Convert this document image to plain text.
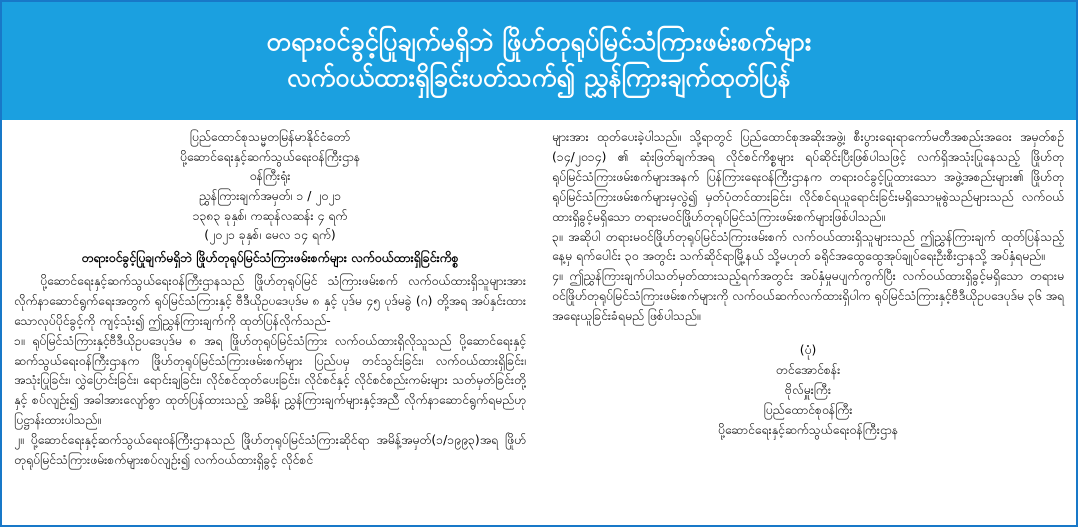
တရားဝင်ခွင့်ပြုချက်မရှိဘဲ ဖြိုဟ်တုရုပ်မြင်သံကြားဖမ်းစက်များ
လက်ဝယ်ထားရှိခြင်းပတ်သက်၍ ညွှန်ကြားချက်ထုတ်ပြန်

ပြည်ထောင်စုသမ္မတမြန်မာနိုင်ငံတော်

ပို့ဆောင်ရေးနှင့်ဆက်သွယ်ရေးဝန်ကြီးဌာန

ဝန်ကြီးရုံး

ညွှန်ကြားချက်အမှတ်၊ ၁ / ၂၀၂၁

၁၃၈၃ ခုနှစ်၊ ကဆုန်လဆန်း ၄ ရက်

(၂၀၂၁ ခုနှစ်၊ မေလ ၁၄ ရက်)

တရားဝင်ခွင့်ပြုချက်မရှိဘဲ ဖြိုဟ်တုရုပ်မြင်သံကြားဖမ်းစက်များ လက်ဝယ်ထားရှိခြင်းကိစ္စ

ပို့ဆောင်ရေးနှင့်ဆက်သွယ်ရေးဝန်ကြီးဌာနသည် ဖြိုဟ်တုရုပ်မြင် သံကြားဖမ်းစက် လက်ဝယ်ထားရှိသူများအား လိုက်နာဆောင်ရွက်ရေးအတွက် ရုပ်မြင်သံကြားနှင့် ဗီဒီယိုဥပဒေပုဒ်မ ၈ နှင့် ပုဒ်မ ၄၅ ပုဒ်မခွဲ (ဂ) တို့အရ အပ်နှင်းထားသောလုပ်ပိုင်ခွင့်ကို ကျင့်သုံး၍ ဤညွှန်ကြားချက်ကို ထုတ်ပြန်လိုက်သည်-

၁။ ရုပ်မြင်သံကြားနှင့်ဗီဒီယိုဥပဒေပုဒ်မ ၈ အရ ဖြိုဟ်တုရုပ်မြင်သံကြား လက်ဝယ်ထားရှိလိုသူသည် ပို့ဆောင်ရေးနှင့် ဆက်သွယ်ရေးဝန်ကြီးဌာနက ဖြိုဟ်တုရုပ်မြင်သံကြားဖမ်းစက်များ ပြည်ပမှ တင်သွင်းခြင်း၊ လက်ဝယ်ထားရှိခြင်း၊ အသုံးပြုခြင်း၊ လွှဲပြောင်းခြင်း၊ ရောင်းချခြင်း၊ လိုင်စင်ထုတ်ပေးခြင်း၊ လိုင်စင်နှင့် လိုင်စင်စည်းကမ်းများ သတ်မှတ်ခြင်းတို့နှင့် စပ်လျဉ်း၍ အခါအားလျော်စွာ ထုတ်ပြန်ထားသည့် အမိန့်၊ ညွှန်ကြားချက်များနှင့်အညီ လိုက်နာဆောင်ရွက်ရမည်ဟု ပြဋ္ဌာန်းထားပါသည်။

၂။ ပို့ဆောင်ရေးနှင့်ဆက်သွယ်ရေးဝန်ကြီးဌာနသည် ဖြိုဟ်တုရုပ်မြင်သံကြားဆိုင်ရာ အမိန့်အမှတ်(၁/၁၉၉၃)အရ ဖြိုဟ်တုရုပ်မြင်သံကြားဖမ်းစက်များစပ်လျဉ်း၍ လက်ဝယ်ထားရှိခွင့် လိုင်စင်

များအား ထုတ်ပေးခဲ့ပါသည်။ သို့ရာတွင် ပြည်ထောင်စုအဆိုးအဖွဲ့၊ စီးပွားရေးရာကော်မတီအစည်းအဝေး အမှတ်စဉ် (၁၄/၂၀၁၄) ၏ ဆုံးဖြတ်ချက်အရ လိုင်စင်ကိစ္စများ ရပ်ဆိုင်းပြီးဖြစ်ပါသဖြင့် လက်ရှိအသုံးပြုနေသည့် ဖြိုဟ်တုရုပ်မြင်သံကြားဖမ်းစက်များအနက် ပြန်ကြားရေးဝန်ကြီးဌာနက တရားဝင်ခွင့်ပြုထားသော အဖွဲ့အစည်းများ၏ ဖြိုဟ်တုရုပ်မြင်သံကြားဖမ်းစက်များမှလွဲ၍ မှတ်ပုံတင်ထားခြင်း၊ လိုင်စင်ရယူရောင်းခြင်းမရှိသောမူစွဲသည်များသည် လက်ဝယ်ထားရှိခွင့်မရှိသော တရားမဝင်ဖြိုဟ်တုရုပ်မြင်သံကြားဖမ်းစက်များဖြစ်ပါသည်။

၃။ အဆိုပါ တရားမဝင်ဖြိုဟ်တုရုပ်မြင်သံကြားဖမ်းစက် လက်ဝယ်ထားရှိသူများသည် ဤညွှန်ကြားချက် ထုတ်ပြန်သည့်နေ့မှ ရက်ပေါင်း ၃၀ အတွင်း သက်ဆိုင်ရာမြို့နယ် သို့မဟုတ် ခရိုင်အထွေထွေအုပ်ချုပ်ရေးဦးစီးဌာနသို့ အပ်နှံရမည်။

၄။ ဤညွှန်ကြားချက်ပါသတ်မှတ်ထားသည့်ရက်အတွင်း အပ်နှံမှုမပျက်ကွက်ပြီး လက်ဝယ်ထားရှိခွင့်မရှိသော တရားမဝင်ဖြိုဟ်တုရုပ်မြင်သံကြားဖမ်းစက်များကို လက်ဝယ်ဆက်လက်ထားရှိပါက ရုပ်မြင်သံကြားနှင့်ဗီဒီယိုဥပဒေပုဒ်မ ၃၆ အရ အရေးယူခြင်းခံရမည် ဖြစ်ပါသည်။

(ပုံ)

တင်အောင်စန်း

ဗိုလ်မှူးကြီး

ပြည်ထောင်စုဝန်ကြီး

ပို့ဆောင်ရေးနှင့်ဆက်သွယ်ရေးဝန်ကြီးဌာန
